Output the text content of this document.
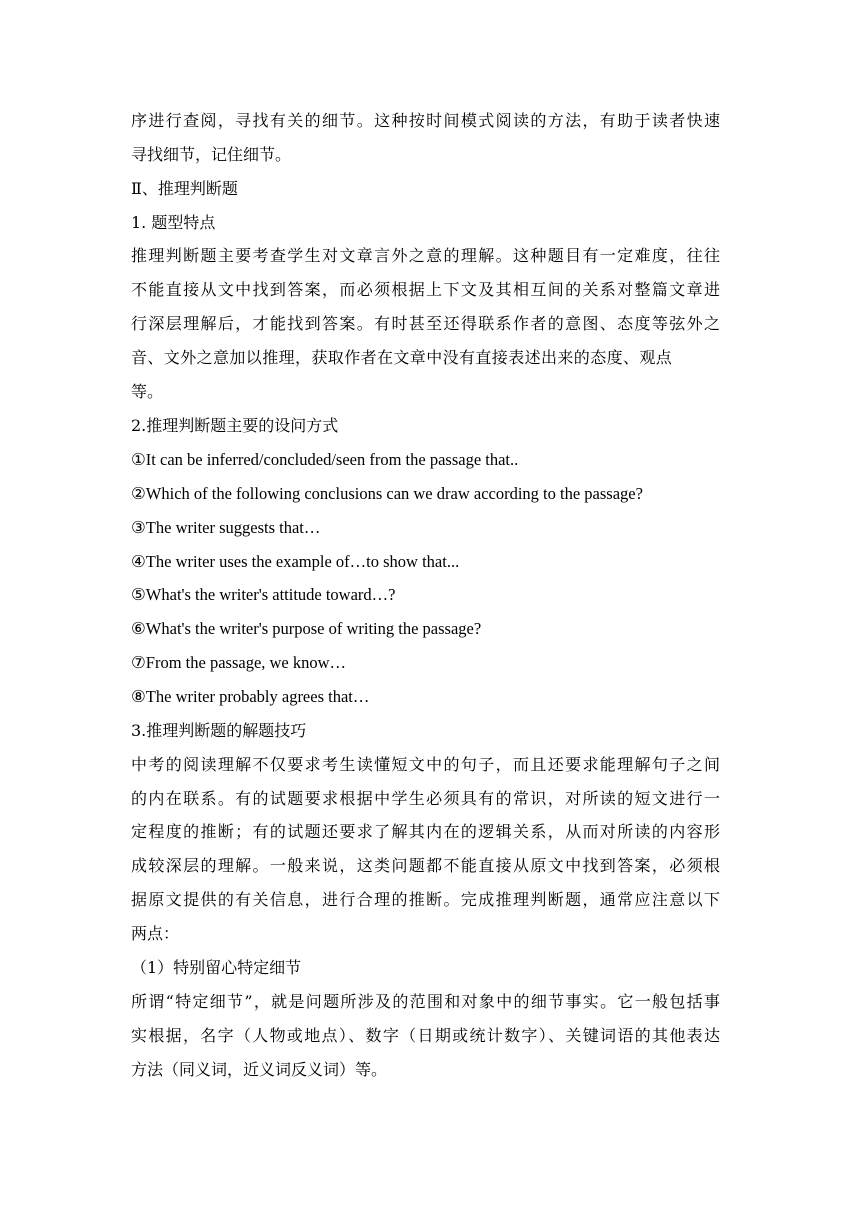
序进行查阅，寻找有关的细节。这种按时间模式阅读的方法，有助于读者快速
寻找细节，记住细节。
Ⅱ、推理判断题
1. 题型特点
推理判断题主要考查学生对文章言外之意的理解。这种题目有一定难度，往往
不能直接从文中找到答案，而必须根据上下文及其相互间的关系对整篇文章进
行深层理解后，才能找到答案。有时甚至还得联系作者的意图、态度等弦外之
音、文外之意加以推理，获取作者在文章中没有直接表述出来的态度、观点
等。
2.推理判断题主要的设问方式
①It can be inferred/concluded/seen from the passage that..
②Which of the following conclusions can we draw according to the passage?
③The writer suggests that…
④The writer uses the example of…to show that...
⑤What's the writer's attitude toward…?
⑥What's the writer's purpose of writing the passage?
⑦From the passage, we know…
⑧The writer probably agrees that…
3.推理判断题的解题技巧
中考的阅读理解不仅要求考生读懂短文中的句子，而且还要求能理解句子之间
的内在联系。有的试题要求根据中学生必须具有的常识，对所读的短文进行一
定程度的推断；有的试题还要求了解其内在的逻辑关系，从而对所读的内容形
成较深层的理解。一般来说，这类问题都不能直接从原文中找到答案，必须根
据原文提供的有关信息，进行合理的推断。完成推理判断题，通常应注意以下
两点：
（1）特别留心特定细节
所谓“特定细节”，就是问题所涉及的范围和对象中的细节事实。它一般包括事
实根据，名字（人物或地点）、数字（日期或统计数字）、关键词语的其他表达
方法（同义词，近义词反义词）等。
